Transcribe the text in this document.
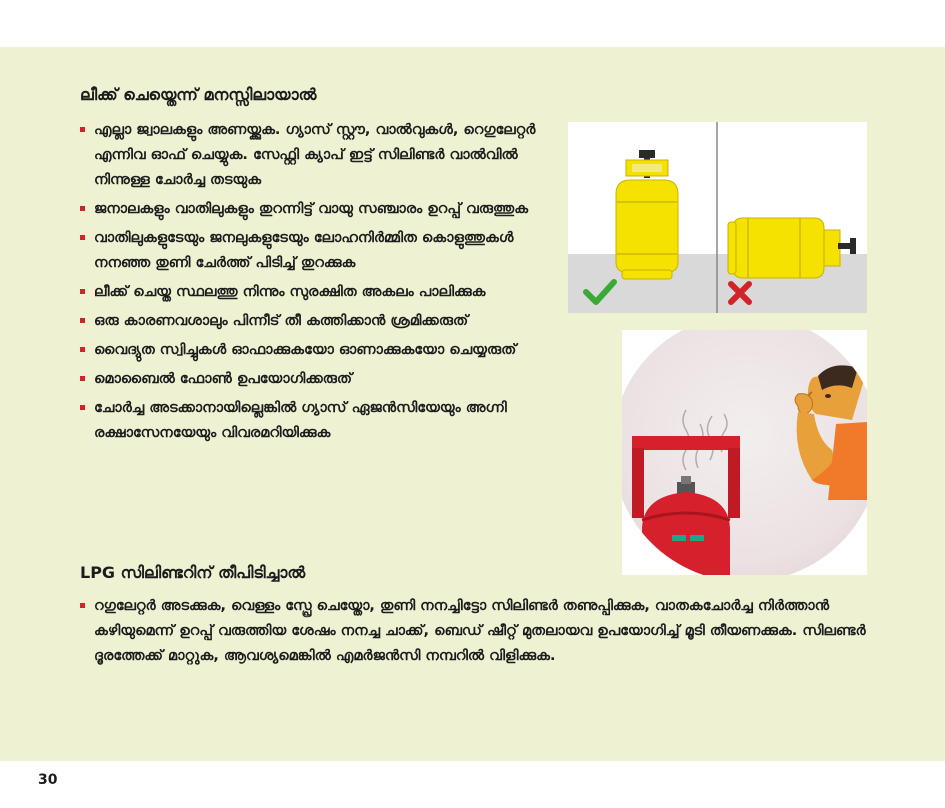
ലീക്ക് ചെയ്തെന്ന് മനസ്സിലായാൽ
എല്ലാ ജ്വാലകളും അണയ്ക്കുക. ഗ്യാസ് സ്റ്റൗ, വാൽവുകൾ, റെഗുലേറ്റർ എന്നിവ ഓഫ് ചെയ്യുക. സേഫ്റ്റി ക്യാപ് ഇട്ട് സിലിണ്ടർ വാൽവിൽ നിന്നുള്ള ചോർച്ച തടയുക
ജനാലകളും വാതിലുകളും തുറന്നിട്ട് വായു സഞ്ചാരം ഉറപ്പ് വരുത്തുക
വാതിലുകളുടേയും ജനലുകളുടേയും ലോഹനിർമ്മിത കൊളുത്തുകൾ നനഞ്ഞ തുണി ചേർത്ത് പിടിച്ച് തുറക്കുക
ലീക്ക് ചെയ്ത സ്ഥലത്തു നിന്നും സുരക്ഷിത അകലം പാലിക്കുക
ഒരു കാരണവശാലും പിന്നീട് തീ കത്തിക്കാൻ ശ്രമിക്കരുത്
വൈദ്യുത സ്വിച്ചുകൾ ഓഫാക്കുകയോ ഓണാക്കുകയോ ചെയ്യരുത്
മൊബൈൽ ഫോൺ ഉപയോഗിക്കരുത്
ചോർച്ച അടക്കാനായില്ലെങ്കിൽ ഗ്യാസ് ഏജൻസിയേയും അഗ്നി രക്ഷാസേനയേയും വിവരമറിയിക്കുക
LPG സിലിണ്ടറിന് തീപിടിച്ചാൽ
റഗുലേറ്റർ അടക്കുക, വെള്ളം സ്പ്രേ ചെയ്തോ, തുണി നനച്ചിട്ടോ സിലിണ്ടർ തണുപ്പിക്കുക, വാതകചോർച്ച നിർത്താൻ കഴിയുമെന്ന് ഉറപ്പ് വരുത്തിയ ശേഷം നനച്ച ചാക്ക്, ബെഡ് ഷീറ്റ് മുതലായവ ഉപയോഗിച്ച് മൂടി തീയണക്കുക. സിലണ്ടർ ദൂരത്തേക്ക് മാറ്റുക, ആവശ്യമെങ്കിൽ എമർജൻസി നമ്പറിൽ വിളിക്കുക.
30
